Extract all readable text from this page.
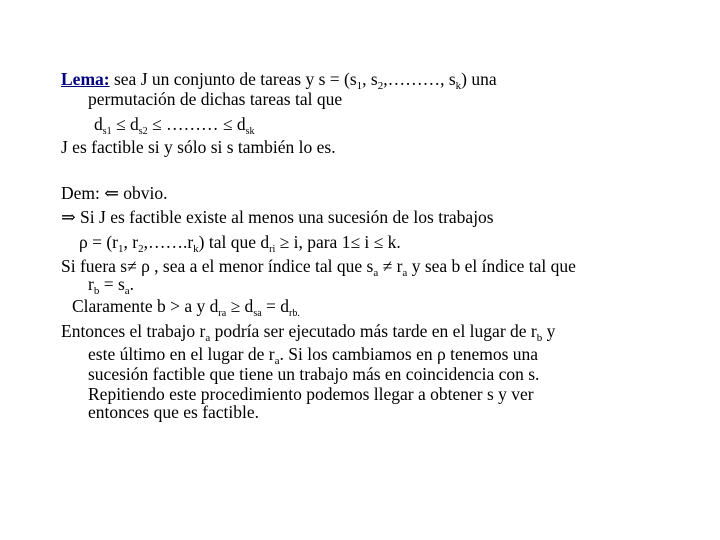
Lema: sea J un conjunto de tareas y $s = (s_1$, $s_2,\dots\dots\dots$, $s_k$) una
permutación de dichas tareas tal que
$d_{s1} \le d_{s2}$ ≤ ……… ≤ $d_{sk}$
J es factible si y sólo si s también lo es.
Dem: ⇐ obvio.
⇒ Si J es factible existe al menos una sucesión de los trabajos
$\rho = (r_1$, $r_2,\dots\dots.r_k$) tal que $d_{ri} \ge i$, para 1≤ i ≤ k.
Si fuera s≠ ρ , sea a el menor índice tal que $s_a \ne r_a$ y sea b el índice tal que
$r_b = s_a$.
Claramente b > a y $d_{ra} \ge d_{sa} = d_{rb.}$
Entonces el trabajo $r_a$ podría ser ejecutado más tarde en el lugar de $r_b$ y
este último en el lugar de $r_a$. Si los cambiamos en ρ tenemos una
sucesión factible que tiene un trabajo más en coincidencia con s.
Repitiendo este procedimiento podemos llegar a obtener s y ver
entonces que es factible.
